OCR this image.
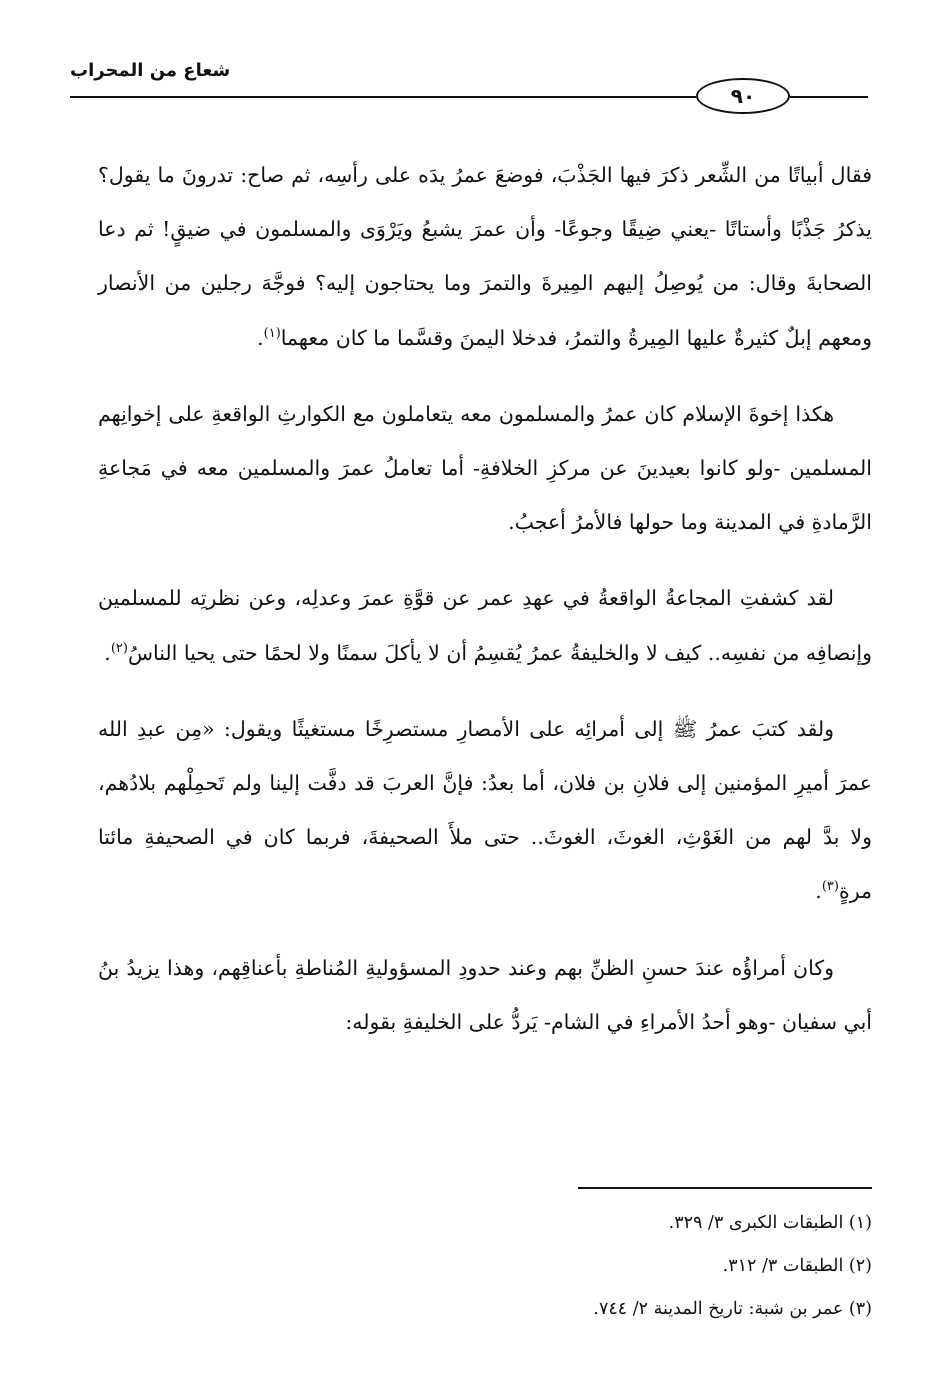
شعاع من المحراب
٩٠

فقال أبياتًا من الشِّعر ذكرَ فيها الجَذْبَ، فوضعَ عمرُ يدَه على رأسِه، ثم صاح: تدرونَ ما يقول؟ يذكرُ جَذْبًا وأستاتًا -يعني ضِيقًا وجوعًا- وأن عمرَ يشبعُ ويَرْوَى والمسلمون في ضيقٍ! ثم دعا الصحابةَ وقال: من يُوصِلُ إليهم المِيرةَ والتمرَ وما يحتاجون إليه؟ فوجَّهَ رجلين من الأنصار ومعهم إبلٌ كثيرةٌ عليها المِيرةُ والتمرُ، فدخلا اليمنَ وقسَّما ما كان معهما$^{(١)}$.

هكذا إخوةَ الإسلام كان عمرُ والمسلمون معه يتعاملون مع الكوارثِ الواقعةِ على إخوانِهم المسلمين -ولو كانوا بعيدينَ عن مركزِ الخلافةِ- أما تعاملُ عمرَ والمسلمين معه في مَجاعةِ الرَّمادةِ في المدينة وما حولها فالأمرُ أعجبُ.

لقد كشفتِ المجاعةُ الواقعةُ في عهدِ عمر عن قوَّةِ عمرَ وعدلِه، وعن نظرتِه للمسلمين وإنصافِه من نفسِه.. كيف لا والخليفةُ عمرُ يُقسِمُ أن لا يأكلَ سمنًا ولا لحمًا حتى يحيا الناسُ$^{(٢)}$.

ولقد كتبَ عمرُ ﷺ إلى أمرائِه على الأمصارِ مستصرِخًا مستغيثًا ويقول: «مِن عبدِ الله عمرَ أميرِ المؤمنين إلى فلانِ بن فلان، أما بعدُ: فإنَّ العربَ قد دفَّت إلينا ولم تَحمِلْهم بلادُهم، ولا بدَّ لهم من الغَوْثِ، الغوثَ، الغوثَ.. حتى ملأَ الصحيفةَ، فربما كان في الصحيفةِ مائتا مرةٍ$^{(٣)}$.

وكان أمراؤُه عندَ حسنِ الظنِّ بهم وعند حدودِ المسؤوليةِ المُناطةِ بأعناقِهم، وهذا يزيدُ بنُ أبي سفيان -وهو أحدُ الأمراءِ في الشام- يَردُّ على الخليفةِ بقوله:

(١) الطبقات الكبرى ٣/ ٣٢٩.

(٢) الطبقات ٣/ ٣١٢.

(٣) عمر بن شبة: تاريخ المدينة ٢/ ٧٤٤.
